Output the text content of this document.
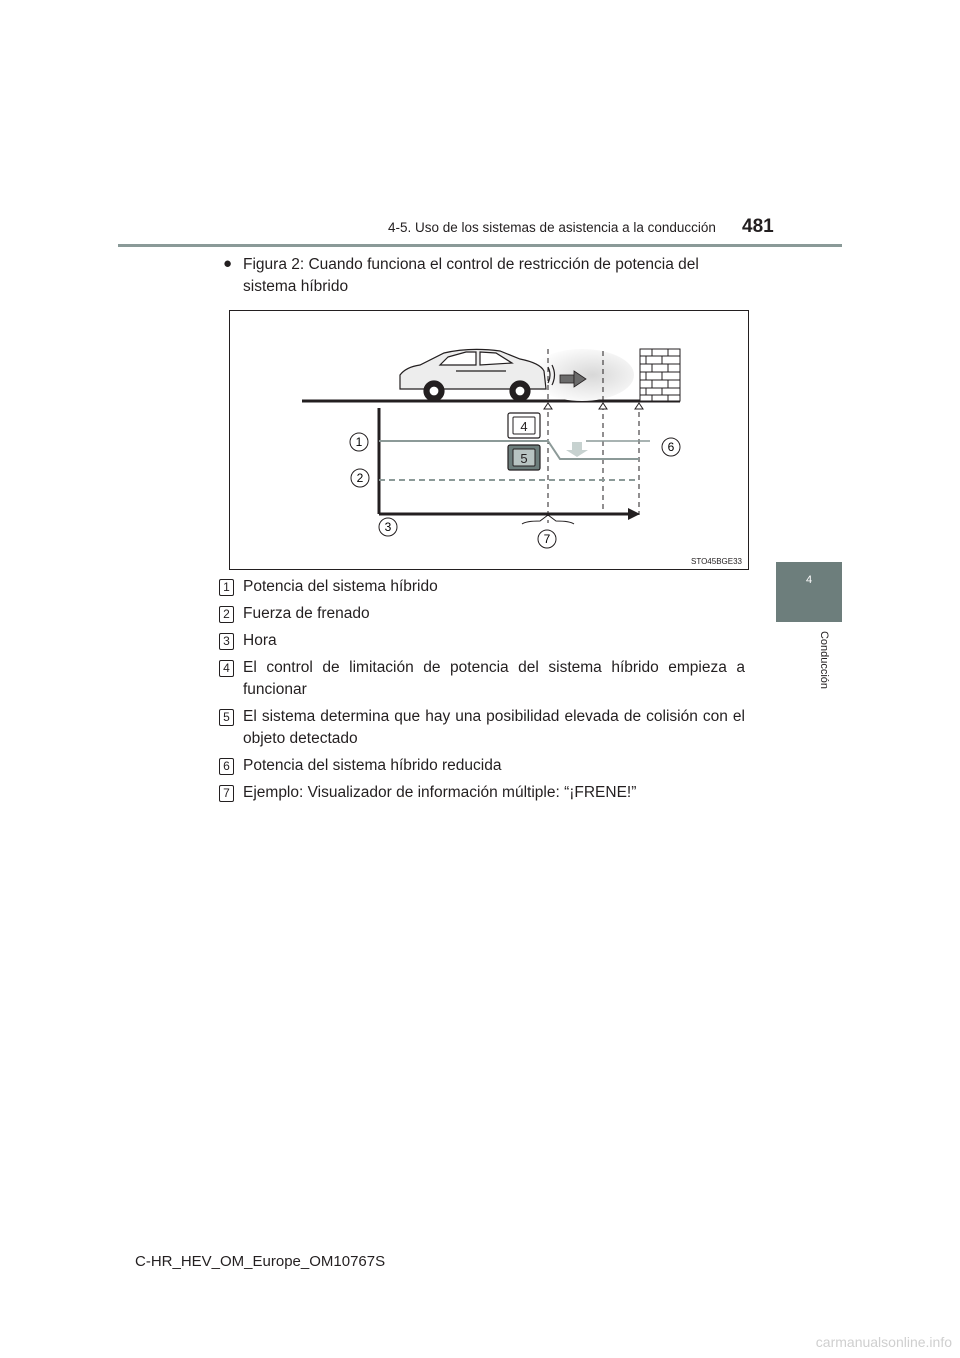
4-5. Uso de los sistemas de asistencia a la conducción 481
4
Conducción
● Figura 2: Cuando funciona el control de restricción de potencia del sistema híbrido
4
5
1
2
3
6
7
STO45BGE33
1 Potencia del sistema híbrido
2 Fuerza de frenado
3 Hora
4 El control de limitación de potencia del sistema híbrido empieza a funcionar
5 El sistema determina que hay una posibilidad elevada de colisión con el objeto detectado
6 Potencia del sistema híbrido reducida
7 Ejemplo: Visualizador de información múltiple: “¡FRENE!”
C-HR_HEV_OM_Europe_OM10767S
carmanualsonline.info
